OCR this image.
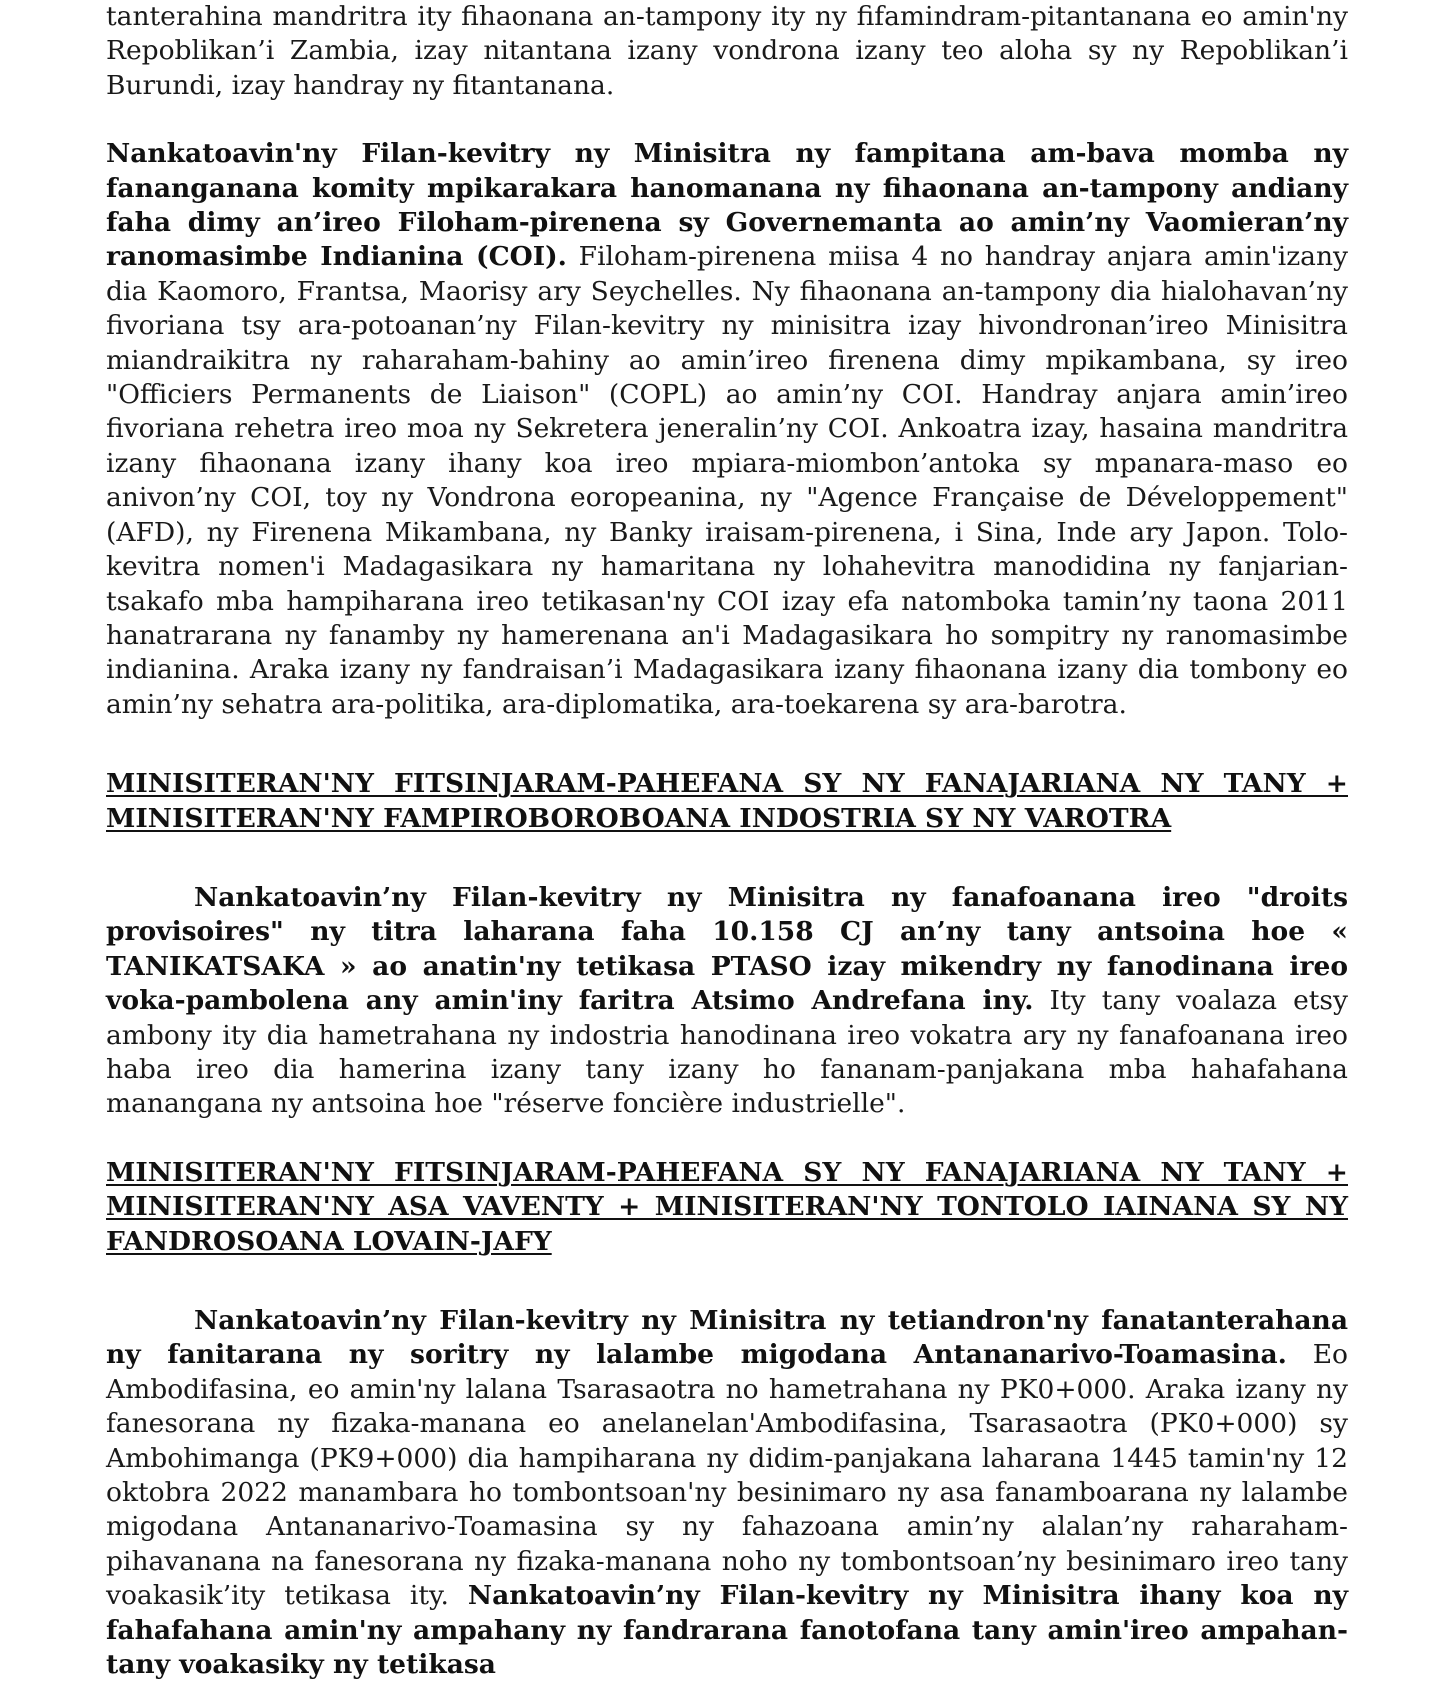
tanterahina mandritra ity fihaonana an-tampony ity ny fifamindram-pitantanana eo amin'ny Repoblikan’i Zambia, izay nitantana izany vondrona izany teo aloha sy ny Repoblikan’i Burundi, izay handray ny fitantanana.

Nankatoavin'ny Filan-kevitry ny Minisitra ny fampitana am-bava momba ny fananganana komity mpikarakara hanomanana ny fihaonana an-tampony andiany faha dimy an’ireo Filoham-pirenena sy Governemanta ao amin’ny Vaomieran’ny ranomasimbe Indianina (COI). Filoham-pirenena miisa 4 no handray anjara amin'izany dia Kaomoro, Frantsa, Maorisy ary Seychelles. Ny fihaonana an-tampony dia hialohavan’ny fivoriana tsy ara-potoanan’ny Filan-kevitry ny minisitra izay hivondronan’ireo Minisitra miandraikitra ny raharaham-bahiny ao amin’ireo firenena dimy mpikambana, sy ireo "Officiers Permanents de Liaison" (COPL) ao amin’ny COI. Handray anjara amin’ireo fivoriana rehetra ireo moa ny Sekretera jeneralin’ny COI. Ankoatra izay, hasaina mandritra izany fihaonana izany ihany koa ireo mpiara-miombon’antoka sy mpanara-maso eo anivon’ny COI, toy ny Vondrona eoropeanina, ny "Agence Française de Développement" (AFD), ny Firenena Mikambana, ny Banky iraisam-pirenena, i Sina, Inde ary Japon. Tolo-kevitra nomen'i Madagasikara ny hamaritana ny lohahevitra manodidina ny fanjarian-tsakafo mba hampiharana ireo tetikasan'ny COI izay efa natomboka tamin’ny taona 2011 hanatrarana ny fanamby ny hamerenana an'i Madagasikara ho sompitry ny ranomasimbe indianina. Araka izany ny fandraisan’i Madagasikara izany fihaonana izany dia tombony eo amin’ny sehatra ara-politika, ara-diplomatika, ara-toekarena sy ara-barotra.

MINISITERAN'NY FITSINJARAM-PAHEFANA SY NY FANAJARIANA NY TANY + MINISITERAN'NY FAMPIROBOROBOANA INDOSTRIA SY NY VAROTRA

Nankatoavin’ny Filan-kevitry ny Minisitra ny fanafoanana ireo "droits provisoires" ny titra laharana faha 10.158 CJ an’ny tany antsoina hoe « TANIKATSAKA » ao anatin'ny tetikasa PTASO izay mikendry ny fanodinana ireo voka-pambolena any amin'iny faritra Atsimo Andrefana iny. Ity tany voalaza etsy ambony ity dia hametrahana ny indostria hanodinana ireo vokatra ary ny fanafoanana ireo haba ireo dia hamerina izany tany izany ho fananam-panjakana mba hahafahana manangana ny antsoina hoe "réserve foncière industrielle".

MINISITERAN'NY FITSINJARAM-PAHEFANA SY NY FANAJARIANA NY TANY + MINISITERAN'NY ASA VAVENTY + MINISITERAN'NY TONTOLO IAINANA SY NY FANDROSOANA LOVAIN-JAFY

Nankatoavin’ny Filan-kevitry ny Minisitra ny tetiandron'ny fanatanterahana ny fanitarana ny soritry ny lalambe migodana Antananarivo-Toamasina. Eo Ambodifasina, eo amin'ny lalana Tsarasaotra no hametrahana ny PK0+000. Araka izany ny fanesorana ny fizaka-manana eo anelanelan'Ambodifasina, Tsarasaotra (PK0+000) sy Ambohimanga (PK9+000) dia hampiharana ny didim-panjakana laharana 1445 tamin'ny 12 oktobra 2022 manambara ho tombontsoan'ny besinimaro ny asa fanamboarana ny lalambe migodana Antananarivo-Toamasina sy ny fahazoana amin’ny alalan’ny raharaham-pihavanana na fanesorana ny fizaka-manana noho ny tombontsoan’ny besinimaro ireo tany voakasik’ity tetikasa ity. Nankatoavin’ny Filan-kevitry ny Minisitra ihany koa ny fahafahana amin'ny ampahany ny fandrarana fanotofana tany amin'ireo ampahan-tany voakasiky ny tetikasa
